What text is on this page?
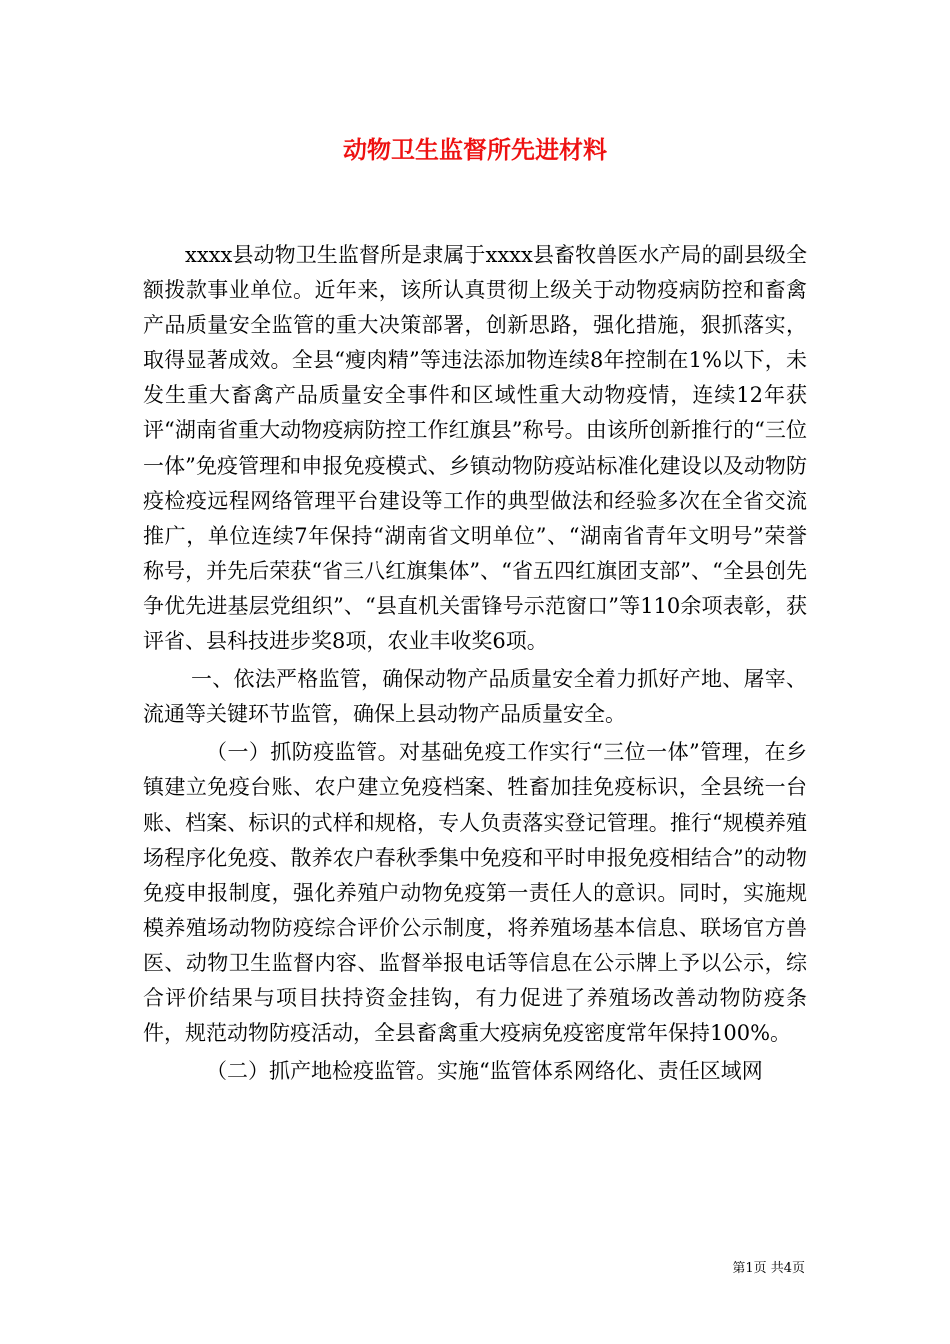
动物卫生监督所先进材料

xxxx县动物卫生监督所是隶属于xxxx县畜牧兽医水产局的副县级全额拨款事业单位。近年来，该所认真贯彻上级关于动物疫病防控和畜禽产品质量安全监管的重大决策部署，创新思路，强化措施，狠抓落实，取得显著成效。全县“瘦肉精”等违法添加物连续8年控制在1%以下，未发生重大畜禽产品质量安全事件和区域性重大动物疫情，连续12年获评“湖南省重大动物疫病防控工作红旗县”称号。由该所创新推行的“三位一体”免疫管理和申报免疫模式、乡镇动物防疫站标准化建设以及动物防疫检疫远程网络管理平台建设等工作的典型做法和经验多次在全省交流推广，单位连续7年保持“湖南省文明单位”、“湖南省青年文明号”荣誉称号，并先后荣获“省三八红旗集体”、“省五四红旗团支部”、“全县创先争优先进基层党组织”、“县直机关雷锋号示范窗口”等110余项表彰，获评省、县科技进步奖8项，农业丰收奖6项。

一、依法严格监管，确保动物产品质量安全着力抓好产地、屠宰、流通等关键环节监管，确保上县动物产品质量安全。

（一）抓防疫监管。对基础免疫工作实行“三位一体”管理，在乡镇建立免疫台账、农户建立免疫档案、牲畜加挂免疫标识，全县统一台账、档案、标识的式样和规格，专人负责落实登记管理。推行“规模养殖场程序化免疫、散养农户春秋季集中免疫和平时申报免疫相结合”的动物免疫申报制度，强化养殖户动物免疫第一责任人的意识。同时，实施规模养殖场动物防疫综合评价公示制度，将养殖场基本信息、联场官方兽医、动物卫生监督内容、监督举报电话等信息在公示牌上予以公示，综合评价结果与项目扶持资金挂钩，有力促进了养殖场改善动物防疫条件，规范动物防疫活动，全县畜禽重大疫病免疫密度常年保持100%。

（二）抓产地检疫监管。实施“监管体系网络化、责任区域网

第1页 共4页
